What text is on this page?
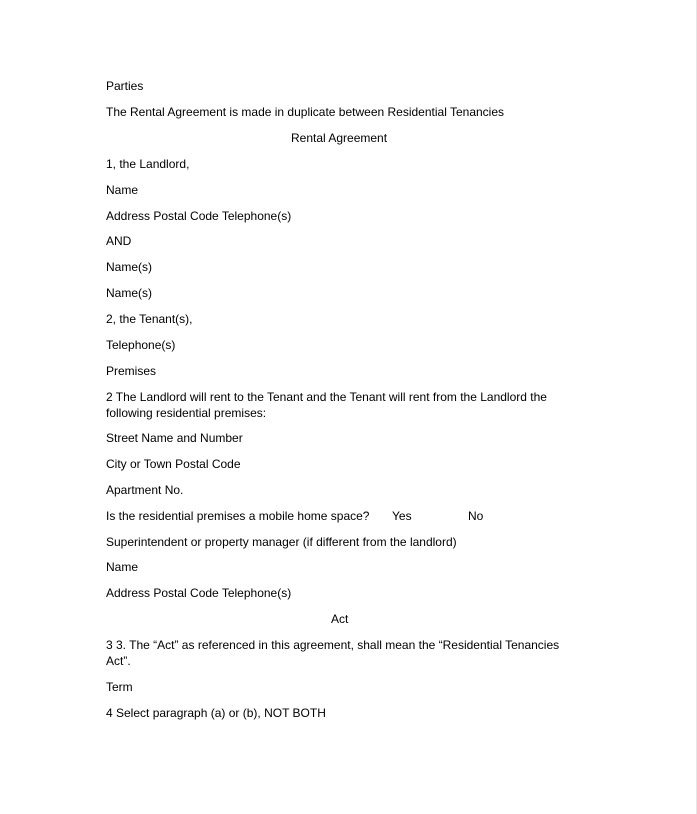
Parties
The Rental Agreement is made in duplicate between Residential Tenancies
Rental Agreement
1, the Landlord,
Name
Address Postal Code Telephone(s)
AND
Name(s)
Name(s)
2, the Tenant(s),
Telephone(s)
Premises
2 The Landlord will rent to the Tenant and the Tenant will rent from the Landlord the following residential premises:
Street Name and Number
City or Town Postal Code
Apartment No.
Is the residential premises a mobile home space? Yes	No
Superintendent or property manager (if different from the landlord)
Name
Address Postal Code Telephone(s)
Act
3 3. The “Act” as referenced in this agreement, shall mean the “Residential Tenancies Act”.
Term
4 Select paragraph (a) or (b), NOT BOTH
